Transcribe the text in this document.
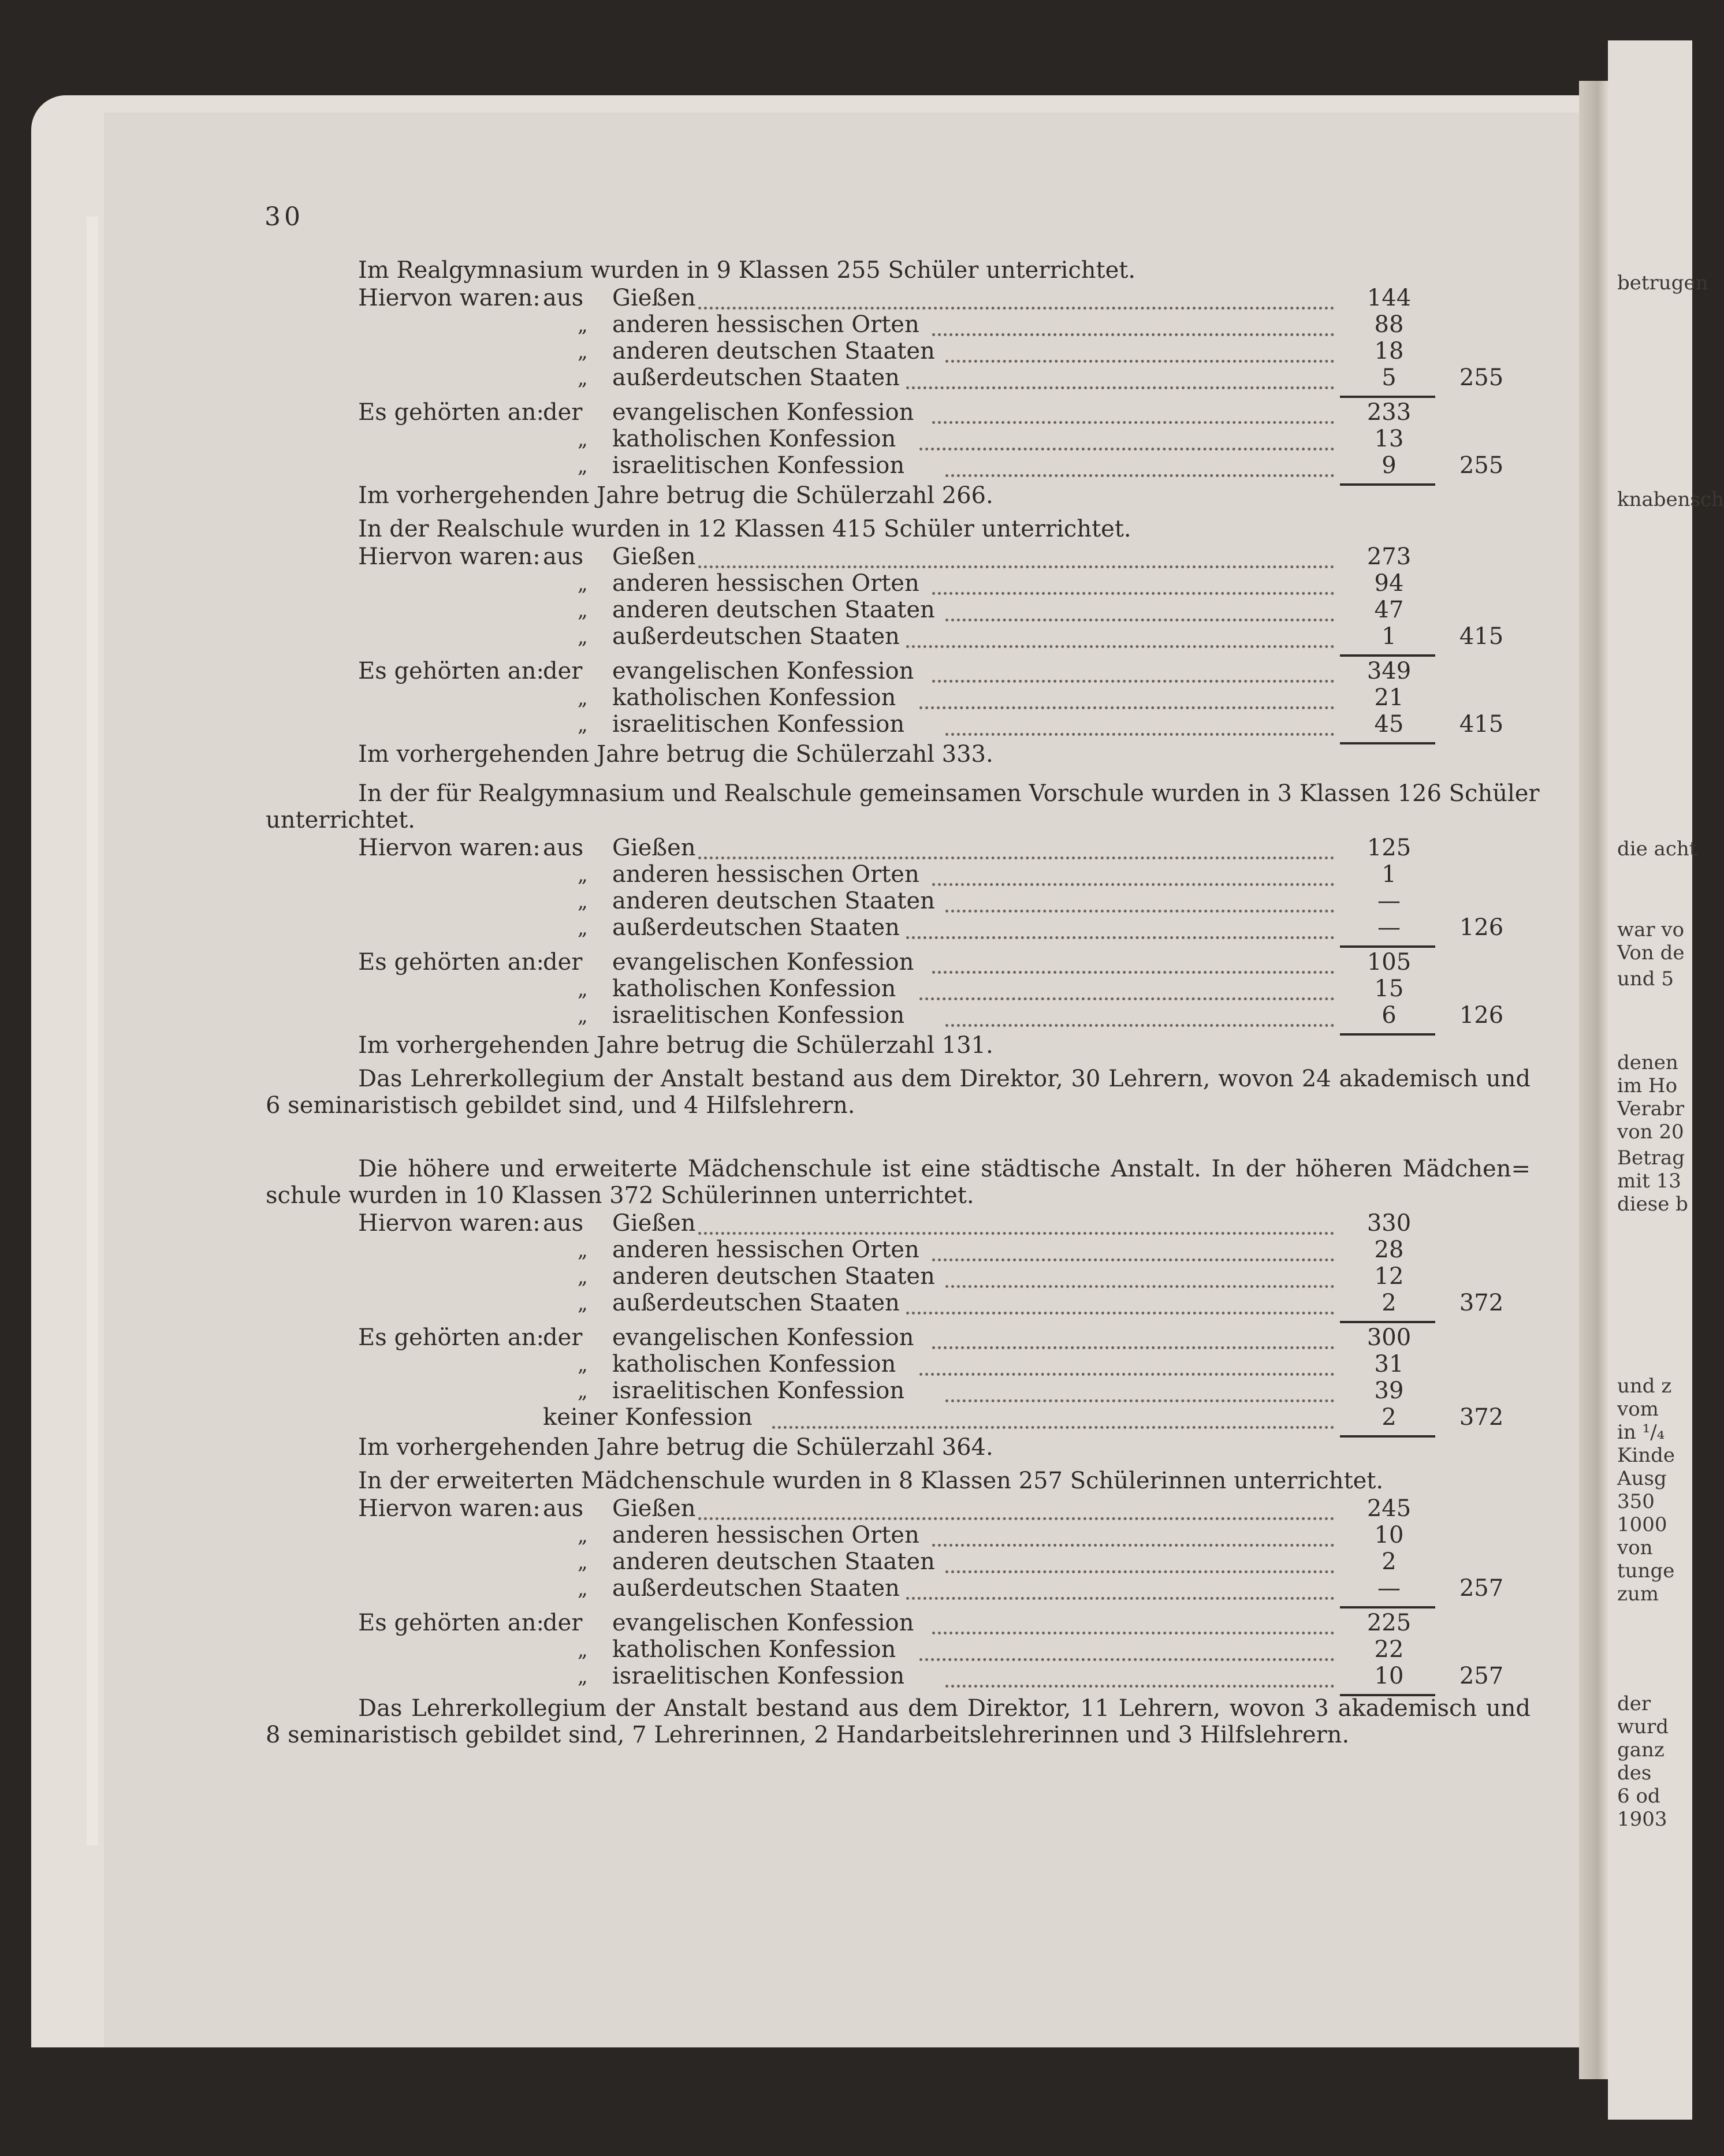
betrugen
knabensch
die acht
war vo
Von de
und 5
denen
im Ho
Verabr
von 20
Betrag
mit 13
diese b
und z
vom
in ¹/₄
Kinde
Ausg
350
1000
von
tunge
zum
der
wurd
ganz
des
6 od
1903
30
Im Realgymnasium wurden in 9 Klassen 255 Schüler unterrichtet.
Hiervon waren: aus Gießen	144
„ anderen hessischen Orten	88
„ anderen deutschen Staaten	18
„ außerdeutschen Staaten	5	255
Es gehörten an:
der evangelischen Konfession	233
„ katholischen Konfession	13
„ israelitischen Konfession	9	255
Im vorhergehenden Jahre betrug die Schülerzahl 266.
In der Realschule wurden in 12 Klassen 415 Schüler unterrichtet.
Hiervon waren: aus Gießen	273
„ anderen hessischen Orten	94
„ anderen deutschen Staaten	47
„ außerdeutschen Staaten	1	415
Es gehörten an:
der evangelischen Konfession	349
„ katholischen Konfession	21
„ israelitischen Konfession	45	415
Im vorhergehenden Jahre betrug die Schülerzahl 333.
In der für Realgymnasium und Realschule gemeinsamen Vorschule wurden in 3 Klassen 126 Schüler
unterrichtet.
Hiervon waren: aus Gießen	125
„ anderen hessischen Orten	1
„ anderen deutschen Staaten	—
„ außerdeutschen Staaten	—	126
Es gehörten an:
der evangelischen Konfession	105
„ katholischen Konfession	15
„ israelitischen Konfession	6	126
Im vorhergehenden Jahre betrug die Schülerzahl 131.
Das Lehrerkollegium der Anstalt bestand aus dem Direktor, 30 Lehrern, wovon 24 akademisch und
6 seminaristisch gebildet sind, und 4 Hilfslehrern.
Die höhere und erweiterte Mädchenschule ist eine städtische Anstalt. In der höheren Mädchen=
schule wurden in 10 Klassen 372 Schülerinnen unterrichtet.
Hiervon waren: aus Gießen	330
„ anderen hessischen Orten	28
„ anderen deutschen Staaten	12
„ außerdeutschen Staaten	2	372
Es gehörten an:
der evangelischen Konfession	300
„ katholischen Konfession	31
„ israelitischen Konfession	39
keiner Konfession	2	372
Im vorhergehenden Jahre betrug die Schülerzahl 364.
In der erweiterten Mädchenschule wurden in 8 Klassen 257 Schülerinnen unterrichtet.
Hiervon waren: aus Gießen	245
„ anderen hessischen Orten	10
„ anderen deutschen Staaten	2
„ außerdeutschen Staaten	—	257
Es gehörten an:
der evangelischen Konfession	225
„ katholischen Konfession	22
„ israelitischen Konfession	10	257
Das Lehrerkollegium der Anstalt bestand aus dem Direktor, 11 Lehrern, wovon 3 akademisch und
8 seminaristisch gebildet sind, 7 Lehrerinnen, 2 Handarbeitslehrerinnen und 3 Hilfslehrern.
